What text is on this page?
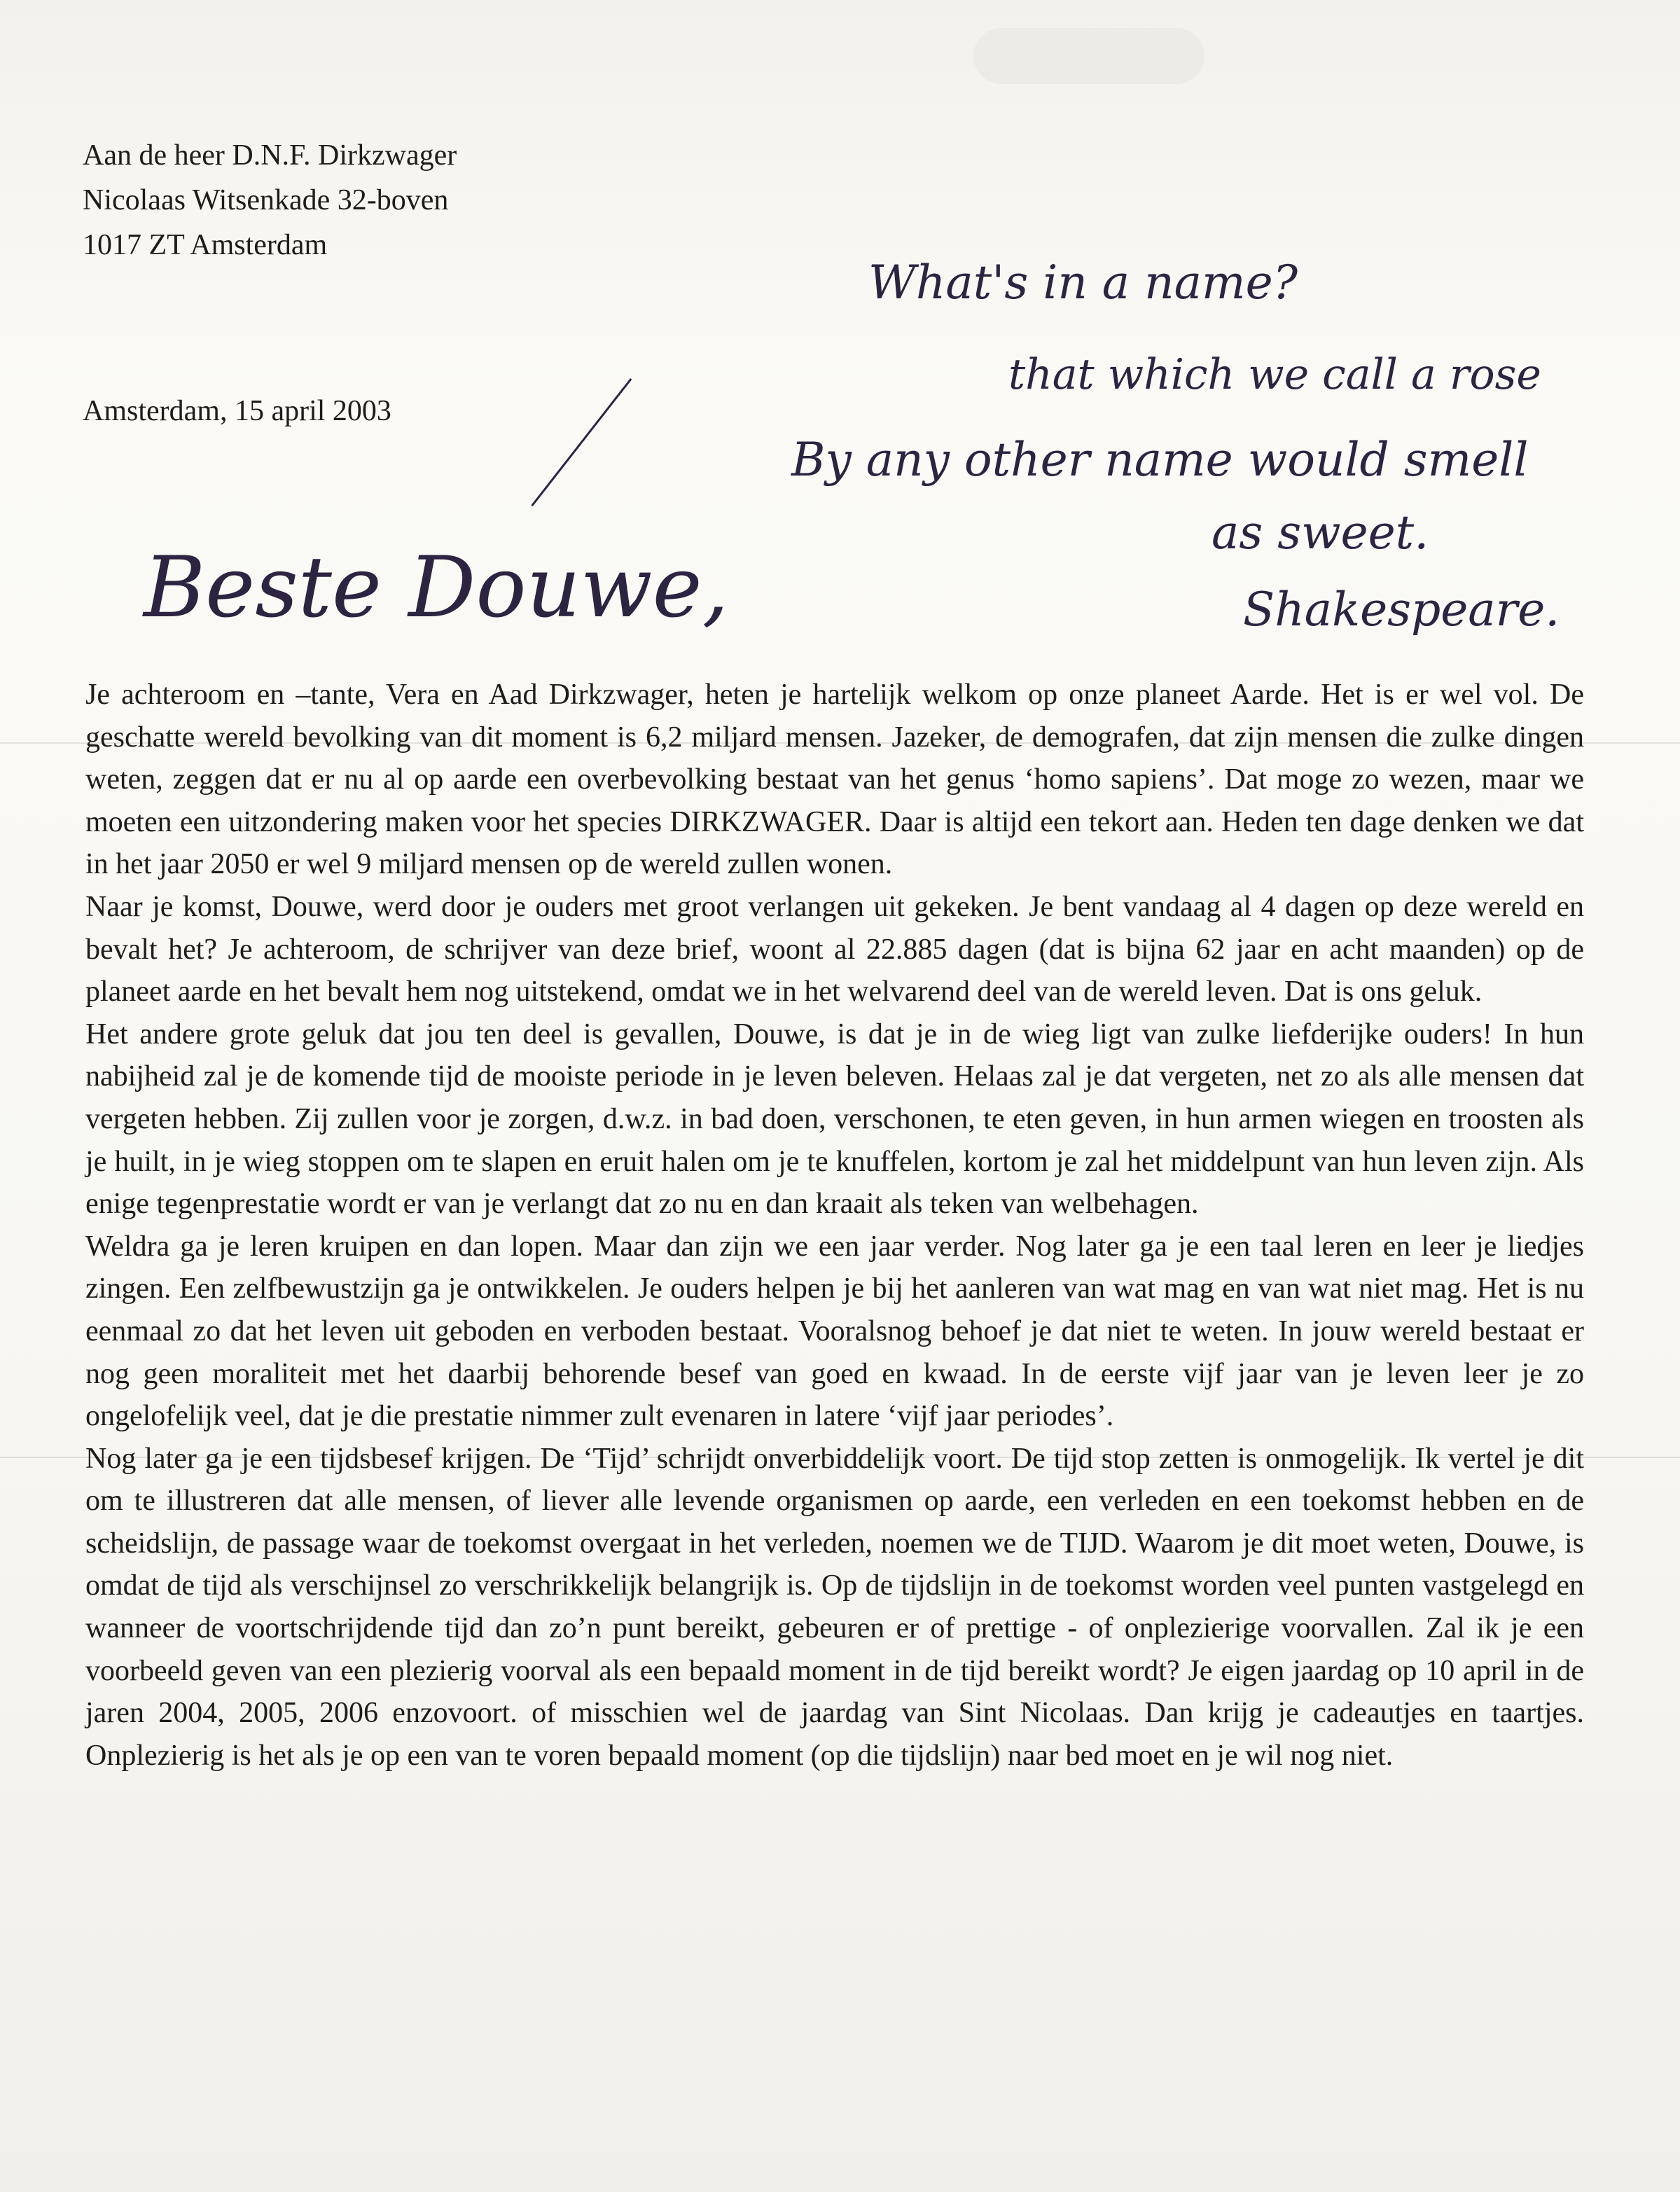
Aan de heer D.N.F. Dirkzwager
Nicolaas Witsenkade 32-boven
1017 ZT Amsterdam
Amsterdam, 15 april 2003
What's in a name?
that which we call a rose
By any other name would smell
as sweet.
Shakespeare.
Beste Douwe,

Je achteroom en –tante, Vera en Aad Dirkzwager, heten je hartelijk welkom op onze planeet Aarde. Het is er wel vol. De geschatte wereld bevolking van dit moment is 6,2 miljard mensen. Jazeker, de demografen, dat zijn mensen die zulke dingen weten, zeggen dat er nu al op aarde een overbevolking bestaat van het genus ‘homo sapiens’. Dat moge zo wezen, maar we moeten een uitzondering maken voor het species DIRKZWAGER. Daar is altijd een tekort aan. Heden ten dage denken we dat in het jaar 2050 er wel 9 miljard mensen op de wereld zullen wonen.

Naar je komst, Douwe, werd door je ouders met groot verlangen uit gekeken. Je bent vandaag al 4 dagen op deze wereld en bevalt het? Je achteroom, de schrijver van deze brief, woont al 22.885 dagen (dat is bijna 62 jaar en acht maanden) op de planeet aarde en het bevalt hem nog uitstekend, omdat we in het welvarend deel van de wereld leven. Dat is ons geluk.

Het andere grote geluk dat jou ten deel is gevallen, Douwe, is dat je in de wieg ligt van zulke liefderijke ouders! In hun nabijheid zal je de komende tijd de mooiste periode in je leven beleven. Helaas zal je dat vergeten, net zo als alle mensen dat vergeten hebben. Zij zullen voor je zorgen, d.w.z. in bad doen, verschonen, te eten geven, in hun armen wiegen en troosten als je huilt, in je wieg stoppen om te slapen en eruit halen om je te knuffelen, kortom je zal het middelpunt van hun leven zijn. Als enige tegenprestatie wordt er van je verlangt dat zo nu en dan kraait als teken van welbehagen.

Weldra ga je leren kruipen en dan lopen. Maar dan zijn we een jaar verder. Nog later ga je een taal leren en leer je liedjes zingen. Een zelfbewustzijn ga je ontwikkelen. Je ouders helpen je bij het aanleren van wat mag en van wat niet mag. Het is nu eenmaal zo dat het leven uit geboden en verboden bestaat. Vooralsnog behoef je dat niet te weten. In jouw wereld bestaat er nog geen moraliteit met het daarbij behorende besef van goed en kwaad. In de eerste vijf jaar van je leven leer je zo ongelofelijk veel, dat je die prestatie nimmer zult evenaren in latere ‘vijf jaar periodes’.

Nog later ga je een tijdsbesef krijgen. De ‘Tijd’ schrijdt onverbiddelijk voort. De tijd stop zetten is onmogelijk. Ik vertel je dit om te illustreren dat alle mensen, of liever alle levende organismen op aarde, een verleden en een toekomst hebben en de scheidslijn, de passage waar de toekomst overgaat in het verleden, noemen we de TIJD. Waarom je dit moet weten, Douwe, is omdat de tijd als verschijnsel zo verschrikkelijk belangrijk is. Op de tijdslijn in de toekomst worden veel punten vastgelegd en wanneer de voortschrijdende tijd dan zo’n punt bereikt, gebeuren er of prettige - of onplezierige voorvallen. Zal ik je een voorbeeld geven van een plezierig voorval als een bepaald moment in de tijd bereikt wordt? Je eigen jaardag op 10 april in de jaren 2004, 2005, 2006 enzovoort. of misschien wel de jaardag van Sint Nicolaas. Dan krijg je cadeautjes en taartjes. Onplezierig is het als je op een van te voren bepaald moment (op die tijdslijn) naar bed moet en je wil nog niet.
